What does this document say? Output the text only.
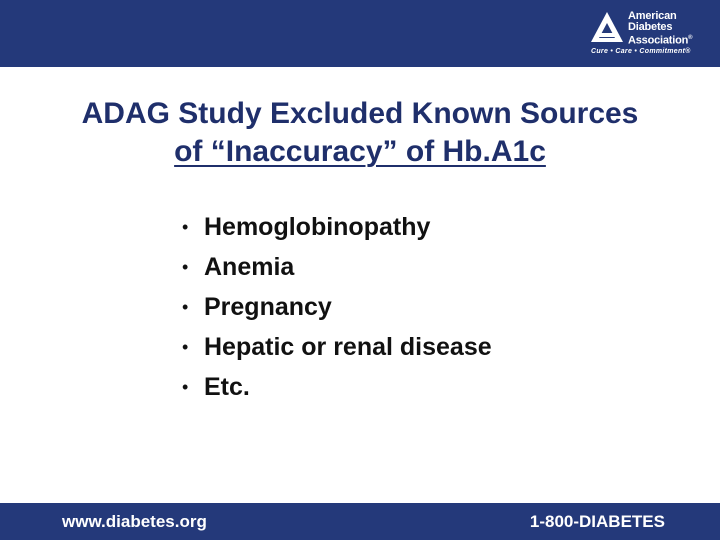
American
Diabetes
Association®
Cure • Care • Commitment®
ADAG Study Excluded Known Sources
of “Inaccuracy” of Hb.A1c
• Hemoglobinopathy
• Anemia
• Pregnancy
• Hepatic or renal disease
• Etc.
www.diabetes.org	1-800-DIABETES
